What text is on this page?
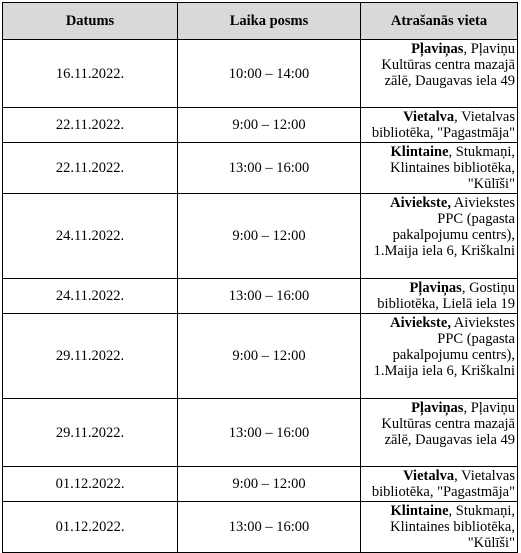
Datums	Laika posms	Atrašanās vieta
16.11.2022.	10:00 – 14:00	Pļaviņas, Pļaviņu
Kultūras centra mazajā
zālē, Daugavas iela 49

22.11.2022.	9:00 – 12:00	Vietalva, Vietalvas
bibliotēka, "Pagastmāja"

22.11.2022.	13:00 – 16:00	Klintaine, Stukmaņi,
Klintaines bibliotēka,
"Kūlīši"

24.11.2022.	9:00 – 12:00	Aiviekste, Aiviekstes
PPC (pagasta
pakalpojumu centrs),
1.Maija iela 6, Kriškalni

24.11.2022.	13:00 – 16:00	Pļaviņas, Gostiņu
bibliotēka, Lielā iela 19

29.11.2022.	9:00 – 12:00	Aiviekste, Aiviekstes
PPC (pagasta
pakalpojumu centrs),
1.Maija iela 6, Kriškalni

29.11.2022.	13:00 – 16:00	Pļaviņas, Pļaviņu
Kultūras centra mazajā
zālē, Daugavas iela 49

01.12.2022.	9:00 – 12:00	Vietalva, Vietalvas
bibliotēka, "Pagastmāja"

01.12.2022.	13:00 – 16:00	Klintaine, Stukmaņi,
Klintaines bibliotēka,
"Kūlīši"
